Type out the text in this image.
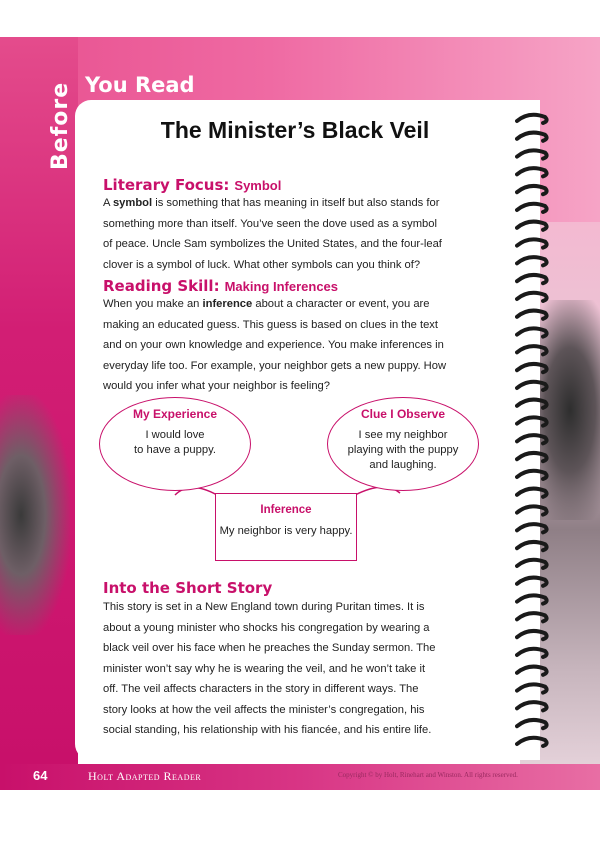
Before You Read
The Minister’s Black Veil
Literary Focus: Symbol

A symbol is something that has meaning in itself but also stands for

something more than itself. You’ve seen the dove used as a symbol

of peace. Uncle Sam symbolizes the United States, and the four-leaf

clover is a symbol of luck. What other symbols can you think of?

Reading Skill: Making Inferences

When you make an inference about a character or event, you are

making an educated guess. This guess is based on clues in the text

and on your own knowledge and experience. You make inferences in

everyday life too. For example, your neighbor gets a new puppy. How

would you infer what your neighbor is feeling?

My Experience
I would love
to have a puppy.
Clue I Observe
I see my neighbor
playing with the puppy
and laughing.
Inference
My neighbor is very happy.
Into the Short Story

This story is set in a New England town during Puritan times. It is

about a young minister who shocks his congregation by wearing a

black veil over his face when he preaches the Sunday sermon. The

minister won’t say why he is wearing the veil, and he won’t take it

off. The veil affects characters in the story in different ways. The

story looks at how the veil affects the minister’s congregation, his

social standing, his relationship with his fiancée, and his entire life.

64	Holt Adapted Reader	Copyright © by Holt, Rinehart and Winston. All rights reserved.
